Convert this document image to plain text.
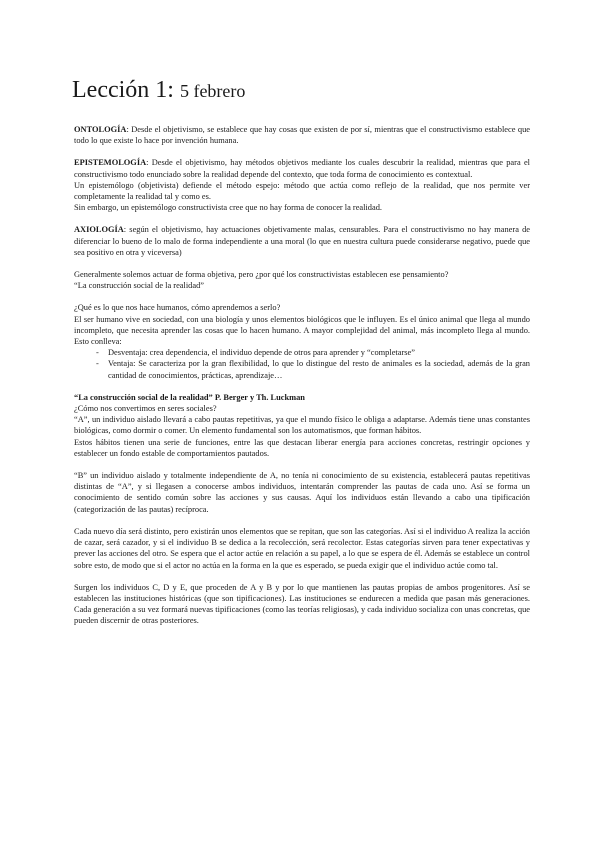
Lección 1: 5 febrero

ONTOLOGÍA: Desde el objetivismo, se establece que hay cosas que existen de por sí, mientras que el constructivismo establece que todo lo que existe lo hace por invención humana.

EPISTEMOLOGÍA: Desde el objetivismo, hay métodos objetivos mediante los cuales descubrir la realidad, mientras que para el constructivismo todo enunciado sobre la realidad depende del contexto, que toda forma de conocimiento es contextual.

Un epistemólogo (objetivista) defiende el método espejo: método que actúa como reflejo de la realidad, que nos permite ver completamente la realidad tal y como es.

Sin embargo, un epistemólogo constructivista cree que no hay forma de conocer la realidad.

AXIOLOGÍA: según el objetivismo, hay actuaciones objetivamente malas, censurables. Para el constructivismo no hay manera de diferenciar lo bueno de lo malo de forma independiente a una moral (lo que en nuestra cultura puede considerarse negativo, puede que sea positivo en otra y viceversa)

Generalmente solemos actuar de forma objetiva, pero ¿por qué los constructivistas establecen ese pensamiento?

“La construcción social de la realidad”

¿Qué es lo que nos hace humanos, cómo aprendemos a serlo?

El ser humano vive en sociedad, con una biología y unos elementos biológicos que le influyen. Es el único animal que llega al mundo incompleto, que necesita aprender las cosas que lo hacen humano. A mayor complejidad del animal, más incompleto llega al mundo. Esto conlleva:

- Desventaja: crea dependencia, el individuo depende de otros para aprender y “completarse”
- Ventaja: Se caracteriza por la gran flexibilidad, lo que lo distingue del resto de animales es la sociedad, además de la gran cantidad de conocimientos, prácticas, aprendizaje…

“La construcción social de la realidad” P. Berger y Th. Luckman

¿Cómo nos convertimos en seres sociales?

“A”, un individuo aislado llevará a cabo pautas repetitivas, ya que el mundo físico le obliga a adaptarse. Además tiene unas constantes biológicas, como dormir o comer. Un elemento fundamental son los automatismos, que forman hábitos.

Estos hábitos tienen una serie de funciones, entre las que destacan liberar energía para acciones concretas, restringir opciones y establecer un fondo estable de comportamientos pautados.

“B” un individuo aislado y totalmente independiente de A, no tenía ni conocimiento de su existencia, establecerá pautas repetitivas distintas de “A”, y si llegasen a conocerse ambos individuos, intentarán comprender las pautas de cada uno. Así se forma un conocimiento de sentido común sobre las acciones y sus causas. Aquí los individuos están llevando a cabo una tipificación (categorización de las pautas) recíproca.

Cada nuevo día será distinto, pero existirán unos elementos que se repitan, que son las categorías. Así si el individuo A realiza la acción de cazar, será cazador, y si el individuo B se dedica a la recolección, será recolector. Estas categorías sirven para tener expectativas y prever las acciones del otro. Se espera que el actor actúe en relación a su papel, a lo que se espera de él. Además se establece un control sobre esto, de modo que si el actor no actúa en la forma en la que es esperado, se pueda exigir que el individuo actúe como tal.

Surgen los individuos C, D y E, que proceden de A y B y por lo que mantienen las pautas propias de ambos progenitores. Así se establecen las instituciones históricas (que son tipificaciones). Las instituciones se endurecen a medida que pasan más generaciones. Cada generación a su vez formará nuevas tipificaciones (como las teorías religiosas), y cada individuo socializa con unas concretas, que pueden discernir de otras posteriores.
